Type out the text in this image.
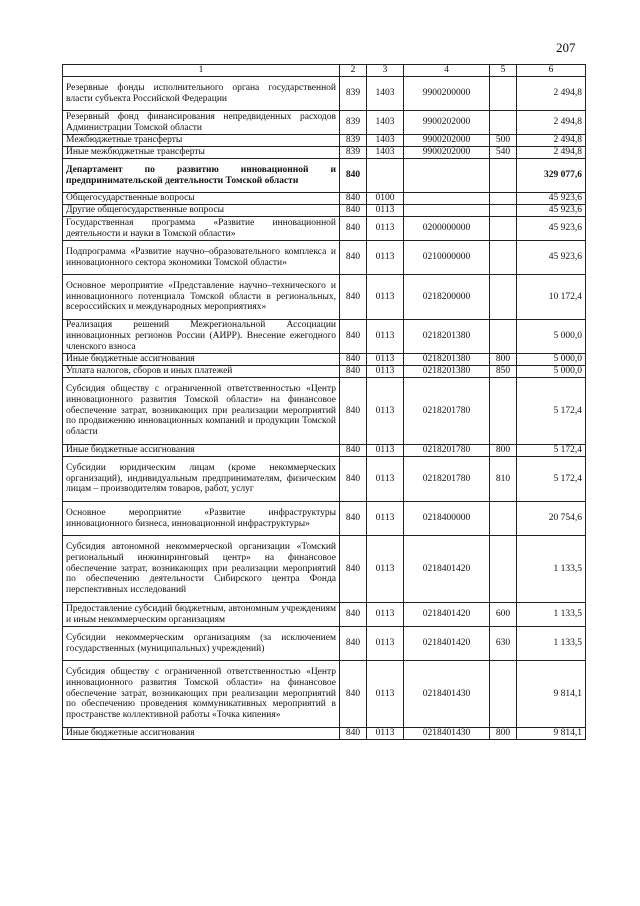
207
1	2	3	4	5	6
Резервные фонды исполнительного органа государственной власти субъекта Российской Федерации	839	1403	9900200000		2 494,8
Резервный фонд финансирования непредвиденных расходов Администрации Томской области	839	1403	9900202000		2 494,8
Межбюджетные трансферты	839	1403	9900202000	500	2 494,8
Иные межбюджетные трансферты	839	1403	9900202000	540	2 494,8
Департамент по развитию инновационной и предпринимательской деятельности Томской области	840				329 077,6
Общегосударственные вопросы	840	0100			45 923,6
Другие общегосударственные вопросы	840	0113			45 923,6
Государственная программа «Развитие инновационной деятельности и науки в Томской области»	840	0113	0200000000		45 923,6
Подпрограмма «Развитие научно–образовательного комплекса и инновационного сектора экономики Томской области»	840	0113	0210000000		45 923,6
Основное мероприятие «Представление научно–технического и инновационного потенциала Томской области в региональных, всероссийских и международных мероприятиях»	840	0113	0218200000		10 172,4
Реализация решений Межрегиональной Ассоциации инновационных регионов России (АИРР). Внесение ежегодного членского взноса	840	0113	0218201380		5 000,0
Иные бюджетные ассигнования	840	0113	0218201380	800	5 000,0
Уплата налогов, сборов и иных платежей	840	0113	0218201380	850	5 000,0
Субсидия обществу с ограниченной ответственностью «Центр инновационного развития Томской области» на финансовое обеспечение затрат, возникающих при реализации мероприятий по продвижению инновационных компаний и продукции Томской области	840	0113	0218201780		5 172,4
Иные бюджетные ассигнования	840	0113	0218201780	800	5 172,4
Субсидии юридическим лицам (кроме некоммерческих организаций), индивидуальным предпринимателям, физическим лицам – производителям товаров, работ, услуг	840	0113	0218201780	810	5 172,4
Основное мероприятие «Развитие инфраструктуры инновационного бизнеса, инновационной инфраструктуры»	840	0113	0218400000		20 754,6
Субсидия автономной некоммерческой организации «Томский региональный инжиниринговый центр» на финансовое обеспечение затрат, возникающих при реализации мероприятий по обеспечению деятельности Сибирского центра Фонда перспективных исследований	840	0113	0218401420		1 133,5
Предоставление субсидий бюджетным, автономным учреждениям и иным некоммерческим организациям	840	0113	0218401420	600	1 133,5
Субсидии некоммерческим организациям (за исключением государственных (муниципальных) учреждений)	840	0113	0218401420	630	1 133,5
Субсидия обществу с ограниченной ответственностью «Центр инновационного развития Томской области» на финансовое обеспечение затрат, возникающих при реализации мероприятий по обеспечению проведения коммуникативных мероприятий в пространстве коллективной работы «Точка кипения»	840	0113	0218401430		9 814,1
Иные бюджетные ассигнования	840	0113	0218401430	800	9 814,1
